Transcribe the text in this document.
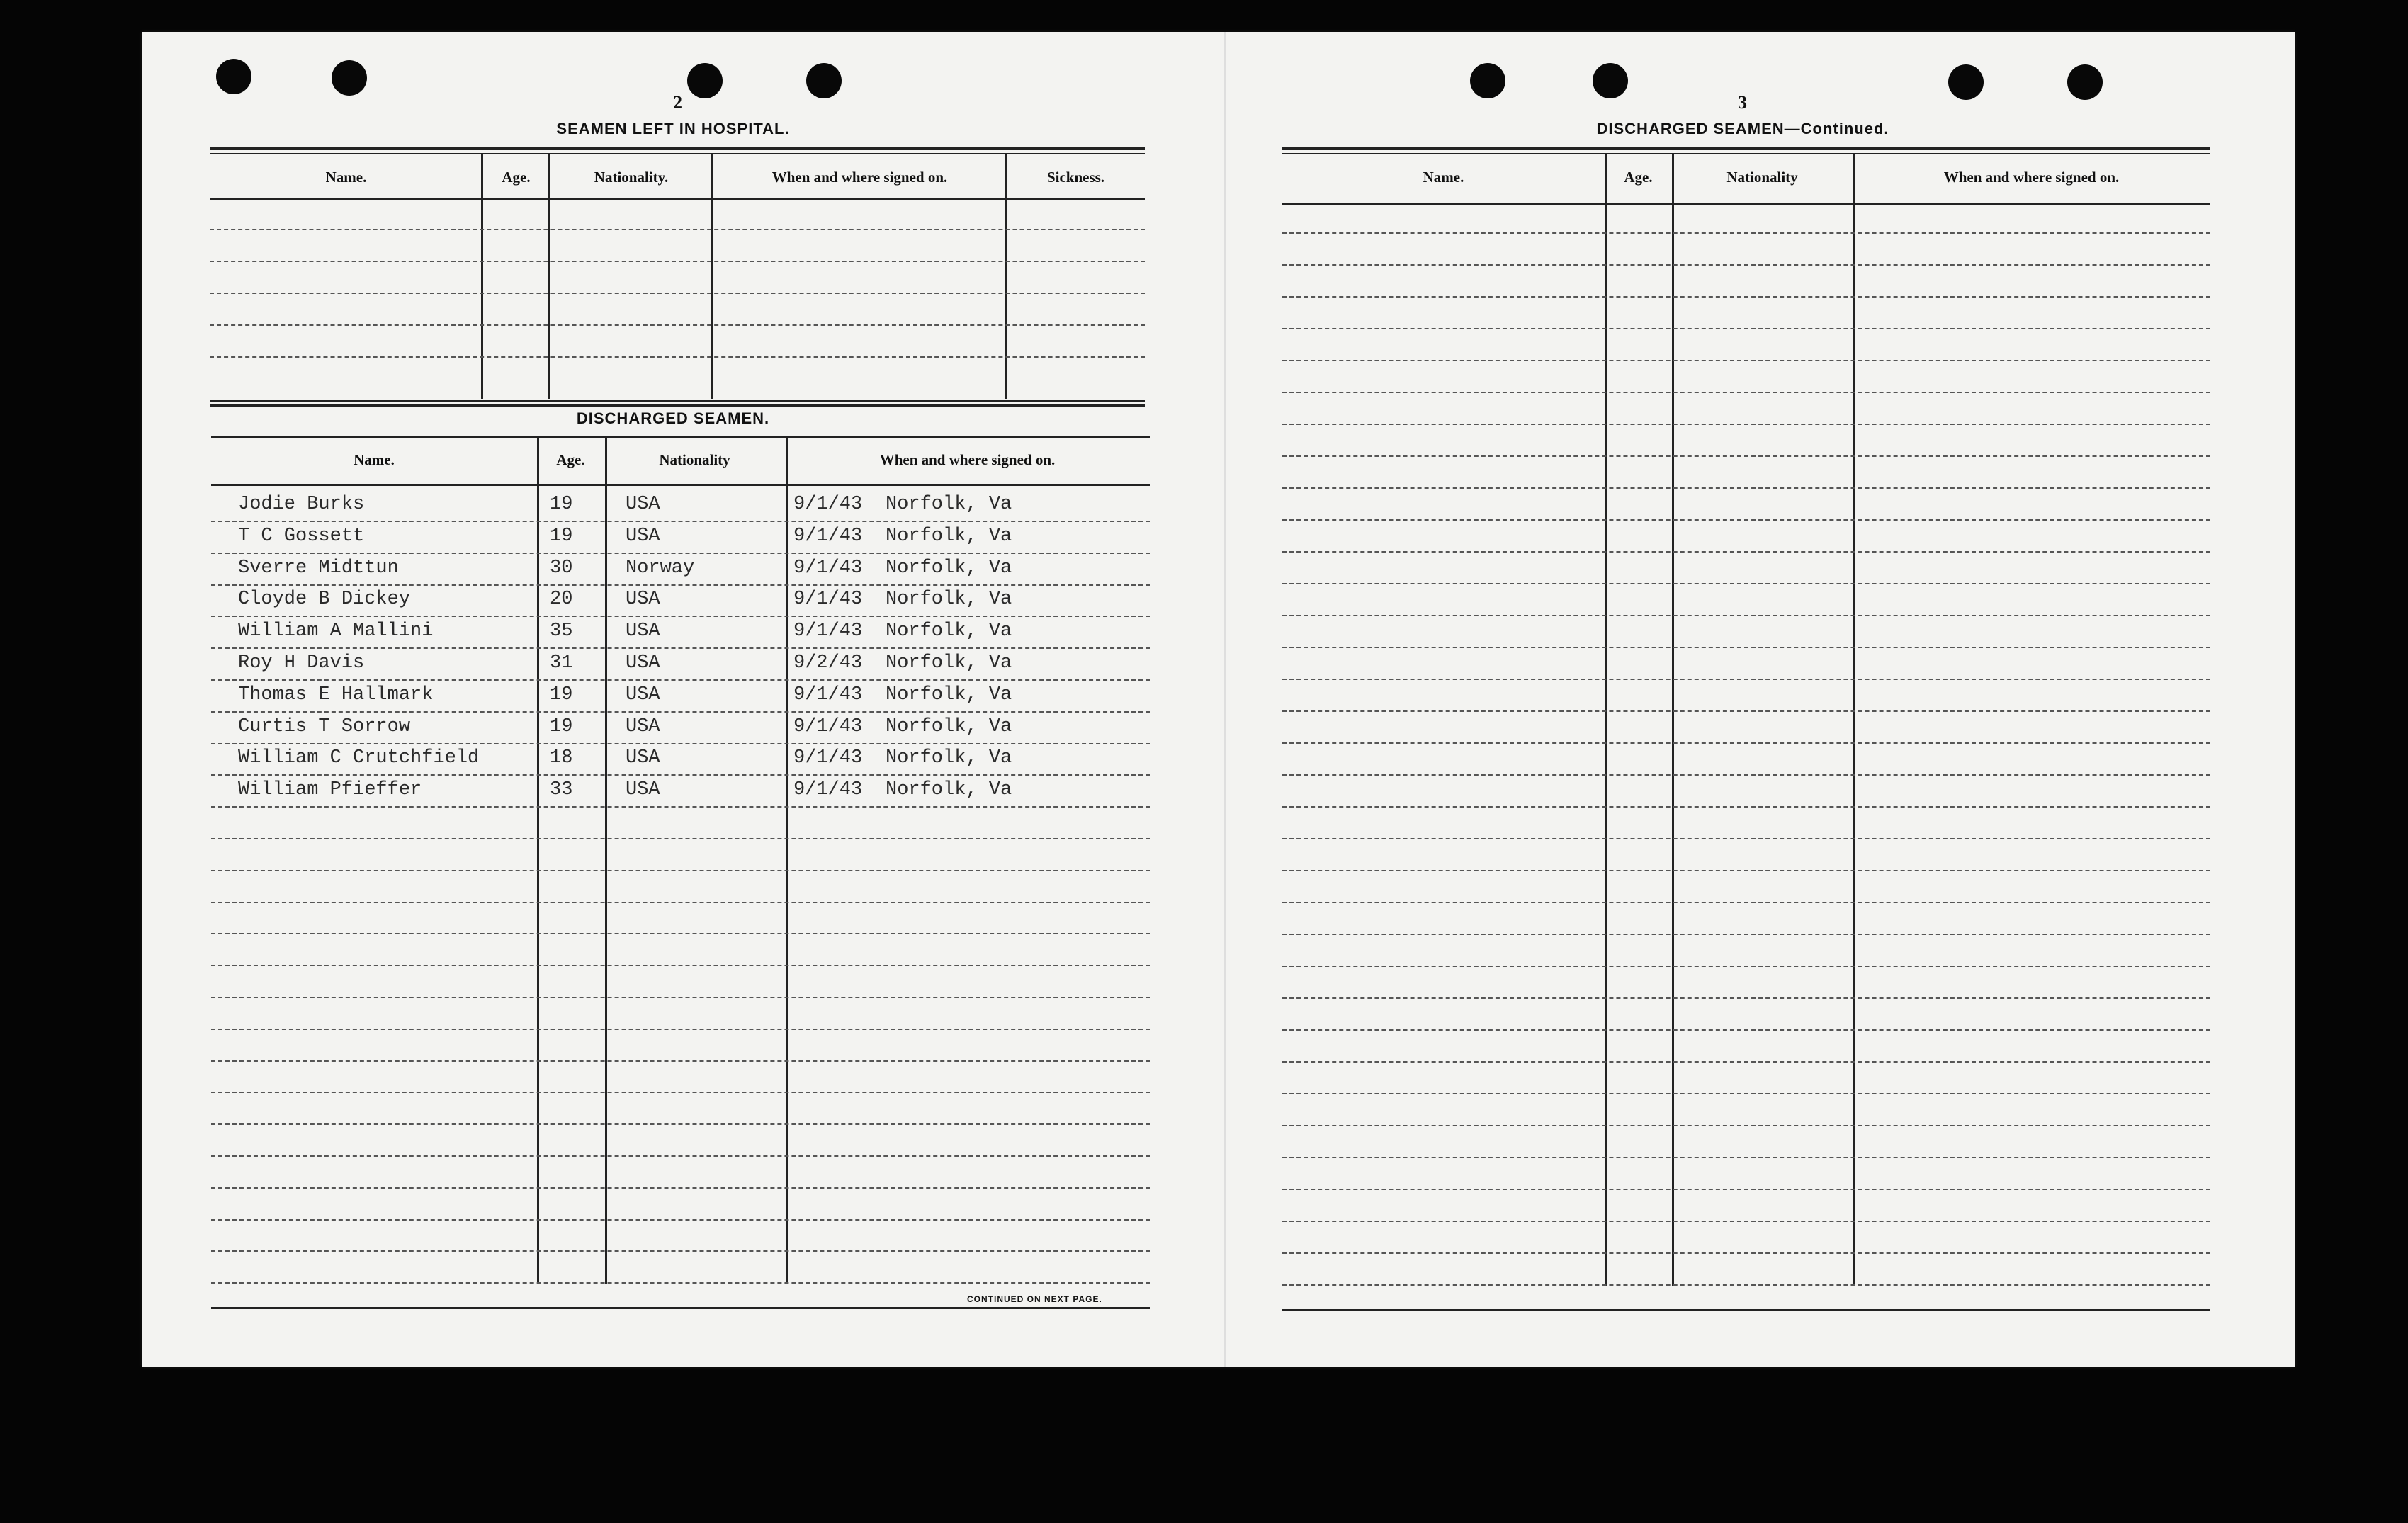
2
SEAMEN LEFT IN HOSPITAL.
Name.	Age.	Nationality.	When and where signed on.	Sickness.
DISCHARGED SEAMEN.
Name.	Age.	Nationality	When and where signed on.
Jodie Burks	19	USA	9/1/43 Norfolk, Va
T C Gossett	19	USA	9/1/43 Norfolk, Va
Sverre Midttun	30	Norway	9/1/43 Norfolk, Va
Cloyde B Dickey	20	USA	9/1/43 Norfolk, Va
William A Mallini	35	USA	9/1/43 Norfolk, Va
Roy H Davis	31	USA	9/2/43 Norfolk, Va
Thomas E Hallmark	19	USA	9/1/43 Norfolk, Va
Curtis T Sorrow	19	USA	9/1/43 Norfolk, Va
William C Crutchfield	18	USA	9/1/43 Norfolk, Va
William Pfieffer	33	USA	9/1/43 Norfolk, Va
CONTINUED ON NEXT PAGE.
3
DISCHARGED SEAMEN—Continued.
Name.	Age.	Nationality	When and where signed on.
